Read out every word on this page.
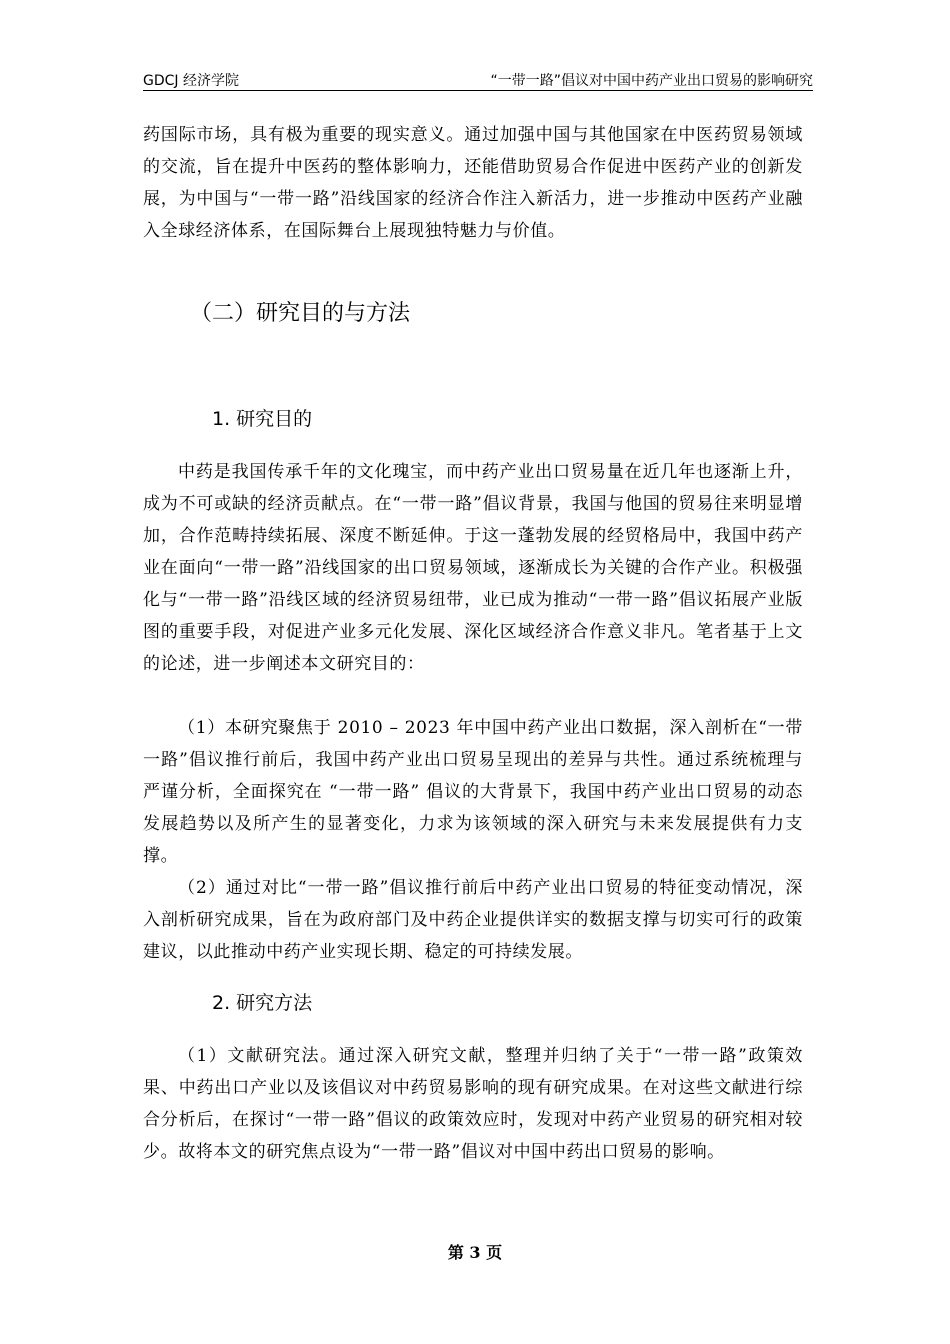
GDCJ 经济学院	“一带一路”倡议对中国中药产业出口贸易的影响研究

药国际市场，具有极为重要的现实意义。通过加强中国与其他国家在中医药贸易领域的交流，旨在提升中医药的整体影响力，还能借助贸易合作促进中医药产业的创新发展，为中国与“一带一路”沿线国家的经济合作注入新活力，进一步推动中医药产业融入全球经济体系，在国际舞台上展现独特魅力与价值。

（二）研究目的与方法
1. 研究目的

中药是我国传承千年的文化瑰宝，而中药产业出口贸易量在近几年也逐渐上升，成为不可或缺的经济贡献点。在“一带一路”倡议背景，我国与他国的贸易往来明显增加，合作范畴持续拓展、深度不断延伸。于这一蓬勃发展的经贸格局中，我国中药产业在面向“一带一路”沿线国家的出口贸易领域，逐渐成长为关键的合作产业。积极强化与“一带一路”沿线区域的经济贸易纽带，业已成为推动“一带一路”倡议拓展产业版图的重要手段，对促进产业多元化发展、深化区域经济合作意义非凡。笔者基于上文的论述，进一步阐述本文研究目的：

（1）本研究聚焦于 2010 – 2023 年中国中药产业出口数据，深入剖析在“一带一路”倡议推行前后，我国中药产业出口贸易呈现出的差异与共性。通过系统梳理与严谨分析，全面探究在 “一带一路” 倡议的大背景下，我国中药产业出口贸易的动态发展趋势以及所产生的显著变化，力求为该领域的深入研究与未来发展提供有力支撑。

（2）通过对比“一带一路”倡议推行前后中药产业出口贸易的特征变动情况，深入剖析研究成果，旨在为政府部门及中药企业提供详实的数据支撑与切实可行的政策建议，以此推动中药产业实现长期、稳定的可持续发展。

2. 研究方法

（1）文献研究法。通过深入研究文献，整理并归纳了关于“一带一路”政策效果、中药出口产业以及该倡议对中药贸易影响的现有研究成果。在对这些文献进行综合分析后，在探讨“一带一路”倡议的政策效应时，发现对中药产业贸易的研究相对较少。故将本文的研究焦点设为“一带一路”倡议对中国中药出口贸易的影响。

第 3 页
